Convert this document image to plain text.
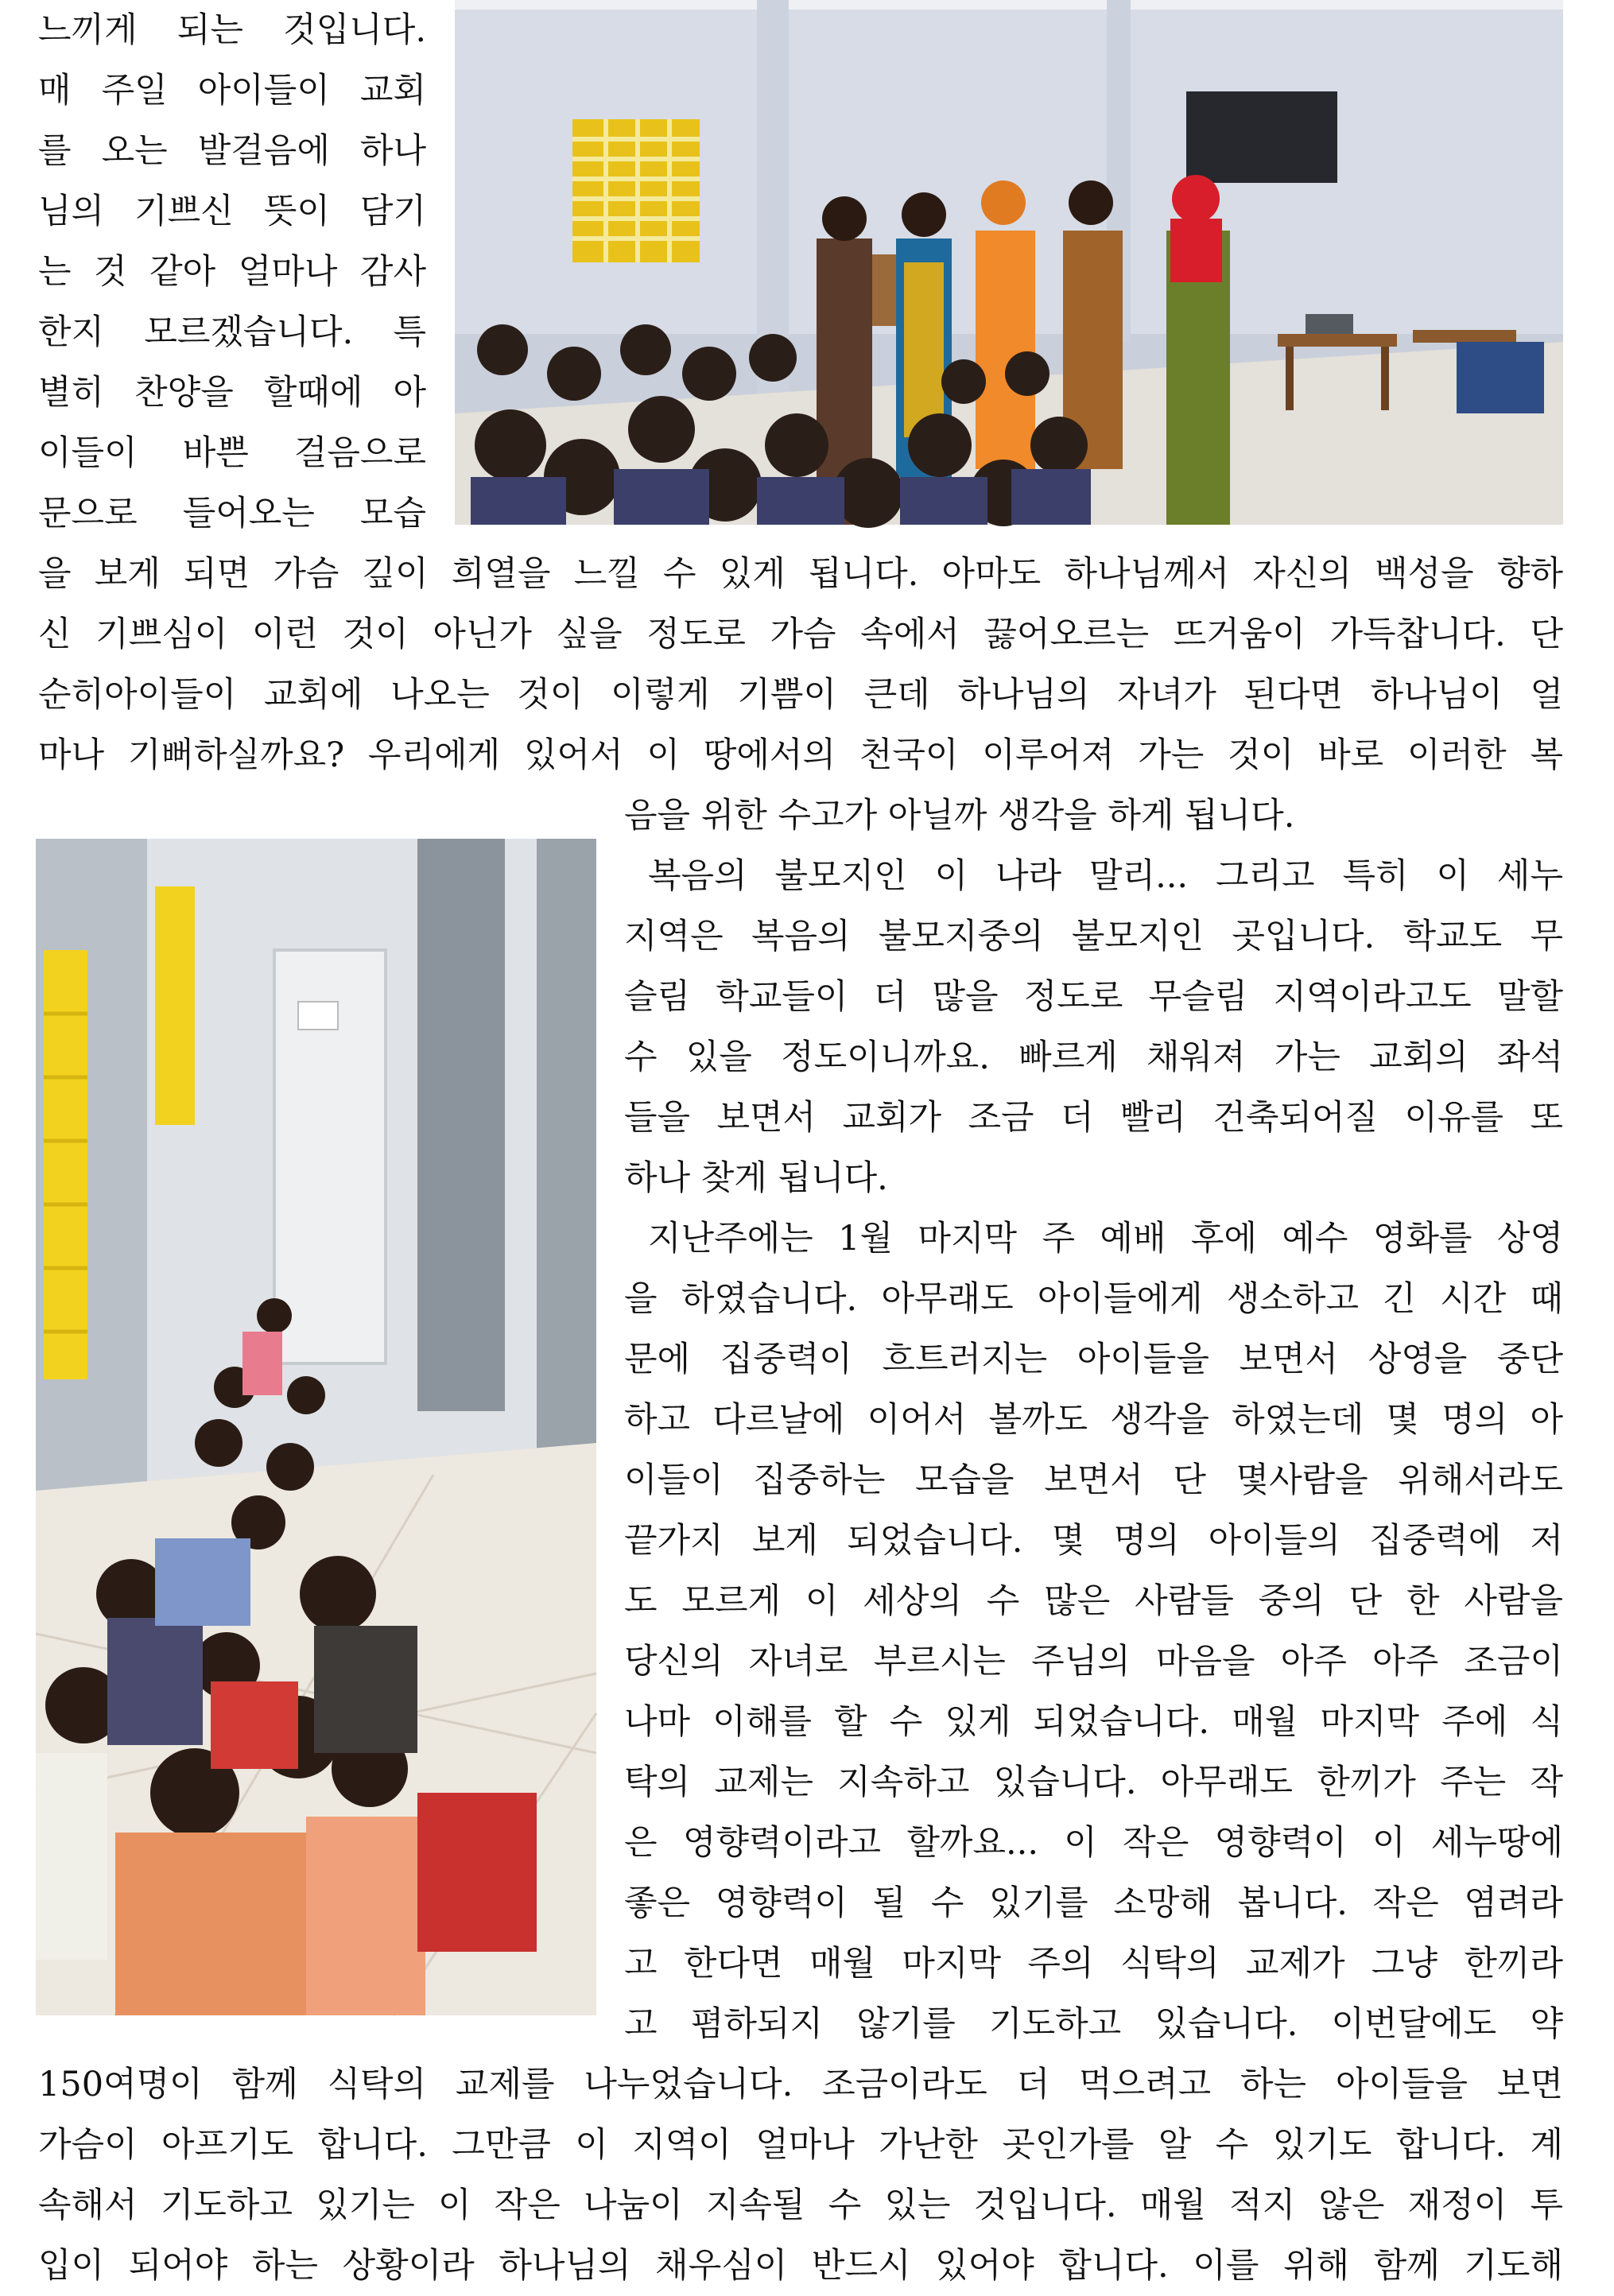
느끼게 되는 것입니다.
매 주일 아이들이 교회
를 오는 발걸음에 하나
님의 기쁘신 뜻이 담기
는 것 같아 얼마나 감사
한지 모르겠습니다. 특
별히 찬양을 할때에 아
이들이 바쁜 걸음으로
문으로 들어오는 모습
을 보게 되면 가슴 깊이 희열을 느낄 수 있게 됩니다. 아마도 하나님께서 자신의 백성을 향하
신 기쁘심이 이런 것이 아닌가 싶을 정도로 가슴 속에서 끓어오르는 뜨거움이 가득찹니다. 단
순히아이들이 교회에 나오는 것이 이렇게 기쁨이 큰데 하나님의 자녀가 된다면 하나님이 얼
마나 기뻐하실까요? 우리에게 있어서 이 땅에서의 천국이 이루어져 가는 것이 바로 이러한 복
음을 위한 수고가 아닐까 생각을 하게 됩니다.
복음의 불모지인 이 나라 말리... 그리고 특히 이 세누
지역은 복음의 불모지중의 불모지인 곳입니다. 학교도 무
슬림 학교들이 더 많을 정도로 무슬림 지역이라고도 말할
수 있을 정도이니까요. 빠르게 채워져 가는 교회의 좌석
들을 보면서 교회가 조금 더 빨리 건축되어질 이유를 또
하나 찾게 됩니다.
지난주에는 1월 마지막 주 예배 후에 예수 영화를 상영
을 하였습니다. 아무래도 아이들에게 생소하고 긴 시간 때
문에 집중력이 흐트러지는 아이들을 보면서 상영을 중단
하고 다르날에 이어서 볼까도 생각을 하였는데 몇 명의 아
이들이 집중하는 모습을 보면서 단 몇사람을 위해서라도
끝가지 보게 되었습니다. 몇 명의 아이들의 집중력에 저
도 모르게 이 세상의 수 많은 사람들 중의 단 한 사람을
당신의 자녀로 부르시는 주님의 마음을 아주 아주 조금이
나마 이해를 할 수 있게 되었습니다. 매월 마지막 주에 식
탁의 교제는 지속하고 있습니다. 아무래도 한끼가 주는 작
은 영향력이라고 할까요... 이 작은 영향력이 이 세누땅에
좋은 영향력이 될 수 있기를 소망해 봅니다. 작은 염려라
고 한다면 매월 마지막 주의 식탁의 교제가 그냥 한끼라
고 폄하되지 않기를 기도하고 있습니다. 이번달에도 약
150여명이 함께 식탁의 교제를 나누었습니다. 조금이라도 더 먹으려고 하는 아이들을 보면
가슴이 아프기도 합니다. 그만큼 이 지역이 얼마나 가난한 곳인가를 알 수 있기도 합니다. 계
속해서 기도하고 있기는 이 작은 나눔이 지속될 수 있는 것입니다. 매월 적지 않은 재정이 투
입이 되어야 하는 상황이라 하나님의 채우심이 반드시 있어야 합니다. 이를 위해 함께 기도해
